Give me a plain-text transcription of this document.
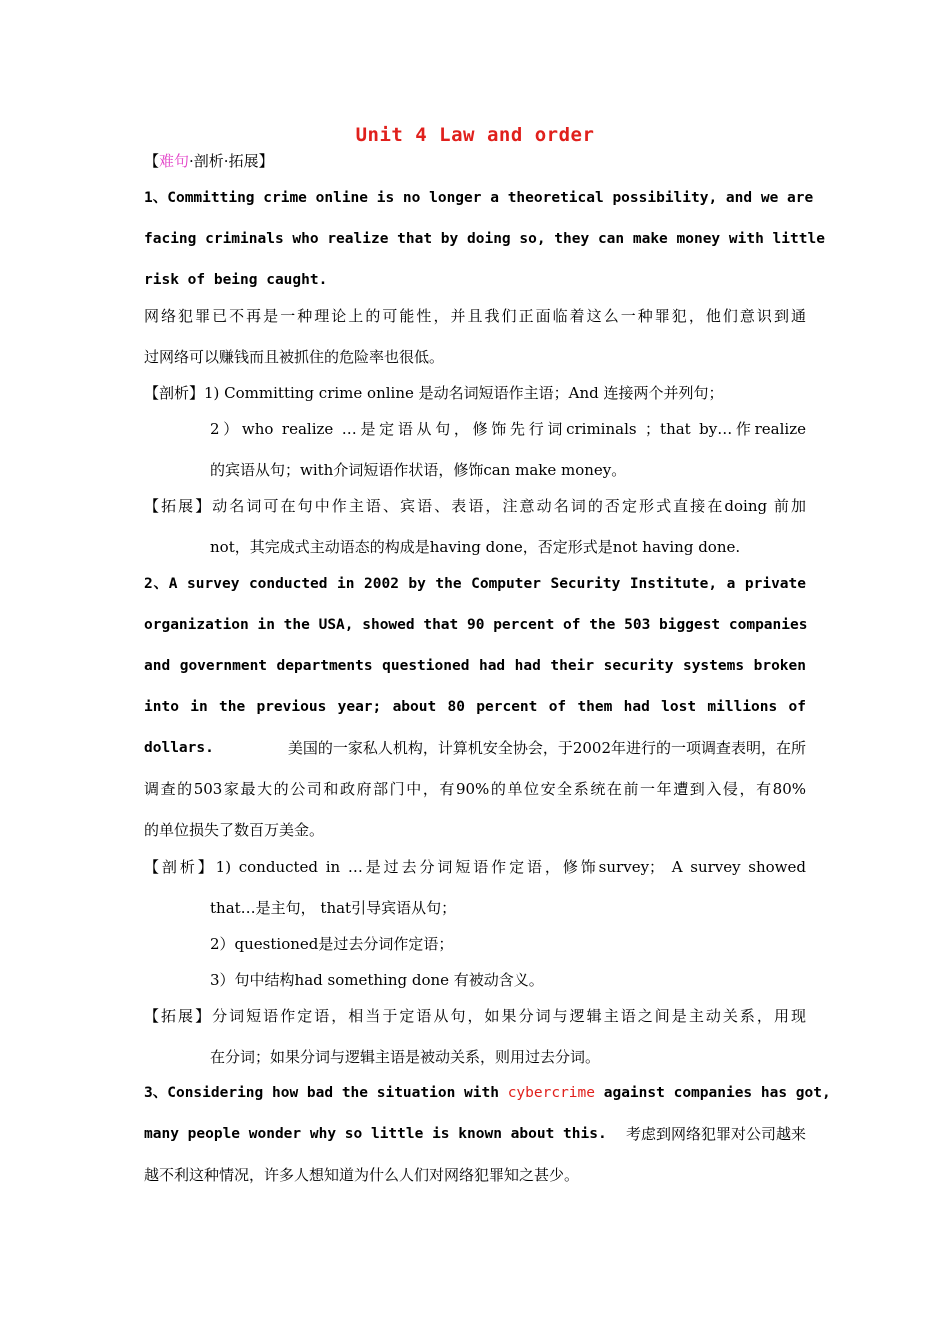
Unit 4 Law and order
【难句·剖析·拓展】
1、Committing crime online is no longer a theoretical possibility, and we are
facing criminals who realize that by doing so, they can make money with little
risk of being caught.
网络犯罪已不再是一种理论上的可能性，并且我们正面临着这么一种罪犯，他们意识到通
过网络可以赚钱而且被抓住的危险率也很低。
【剖析】1) Committing crime online 是动名词短语作主语；And 连接两个并列句；
2）who realize …是定语从句，修饰先行词criminals ；that by…作realize
的宾语从句；with介词短语作状语，修饰can make money。
【拓展】动名词可在句中作主语、宾语、表语，注意动名词的否定形式直接在doing 前加
not，其完成式主动语态的构成是having done，否定形式是not having done.
2、A survey conducted in 2002 by the Computer Security Institute, a private
organization in the USA, showed that 90 percent of the 503 biggest companies
and government departments questioned had had their security systems broken
into in the previous year; about 80 percent of them had lost millions of
dollars.	美国的一家私人机构，计算机安全协会，于2002年进行的一项调查表明，在所
调查的503家最大的公司和政府部门中，有90%的单位安全系统在前一年遭到入侵，有80%
的单位损失了数百万美金。
【剖析】1) conducted in …是过去分词短语作定语，修饰survey； A survey showed
that…是主句， that引导宾语从句；
2）questioned是过去分词作定语；
3）句中结构had something done 有被动含义。
【拓展】分词短语作定语，相当于定语从句，如果分词与逻辑主语之间是主动关系，用现
在分词；如果分词与逻辑主语是被动关系，则用过去分词。
3、Considering how bad the situation with cybercrime against companies has got,
many people wonder why so little is known about this. 考虑到网络犯罪对公司越来
越不利这种情况，许多人想知道为什么人们对网络犯罪知之甚少。
